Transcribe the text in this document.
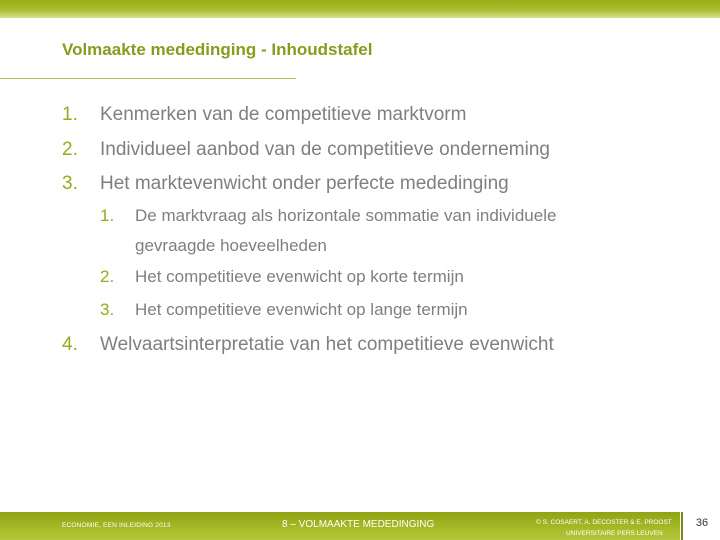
Volmaakte mededinging - Inhoudstafel
1. Kenmerken van de competitieve marktvorm
2. Individueel aanbod van de competitieve onderneming
3. Het marktevenwicht onder perfecte mededinging
1. De marktvraag als horizontale sommatie van individuele
gevraagde hoeveelheden
2. Het competitieve evenwicht op korte termijn
3. Het competitieve evenwicht op lange termijn
4. Welvaartsinterpretatie van het competitieve evenwicht
ECONOMIE, EEN INLEIDING 2013	8 – VOLMAAKTE MEDEDINGING	© S. COSAERT, A. DECOSTER & E. PROOST
UNIVERSITAIRE PERS LEUVEN
36
